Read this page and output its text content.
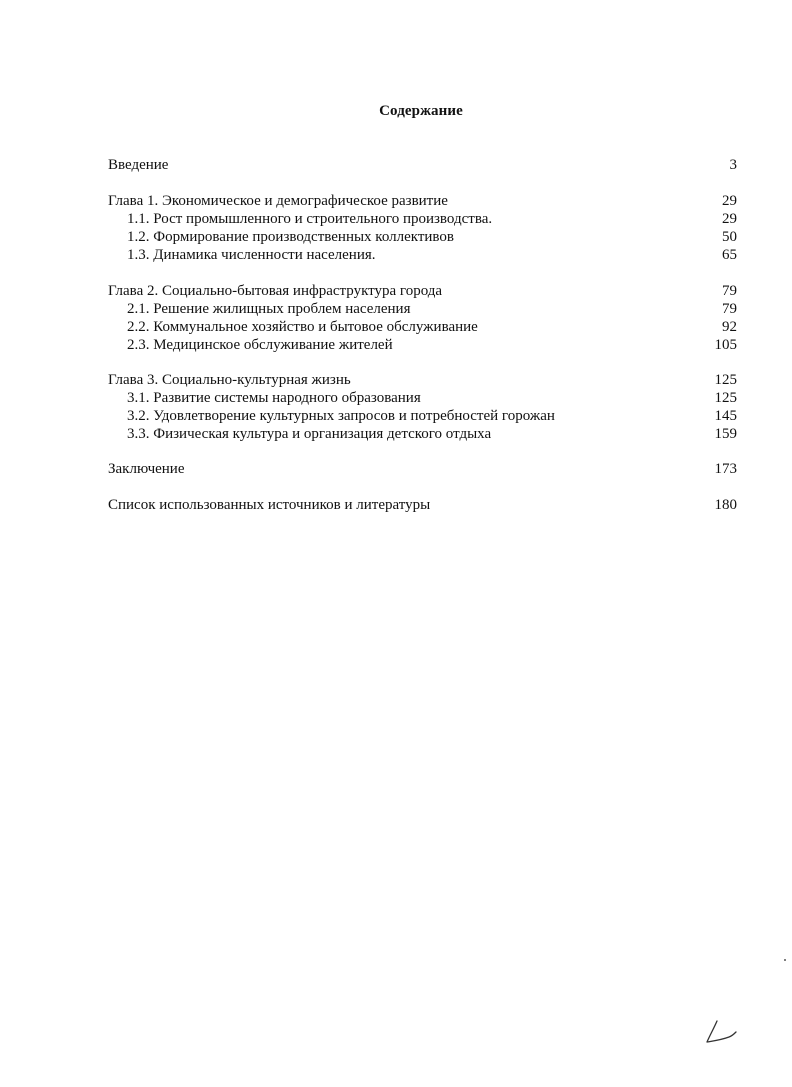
Содержание
Введение	3
Глава 1. Экономическое и демографическое развитие	29
1.1. Рост промышленного и строительного производства.	29
1.2. Формирование производственных коллективов	50
1.3. Динамика численности населения.	65
Глава 2. Социально-бытовая инфраструктура города	79
2.1. Решение жилищных проблем населения	79
2.2. Коммунальное хозяйство и бытовое обслуживание	92
2.3. Медицинское обслуживание жителей	105
Глава 3. Социально-культурная жизнь	125
3.1. Развитие системы народного образования	125
3.2. Удовлетворение культурных запросов и потребностей горожан	145
3.3. Физическая культура и организация детского отдыха	159
Заключение	173
Список использованных источников и литературы	180
